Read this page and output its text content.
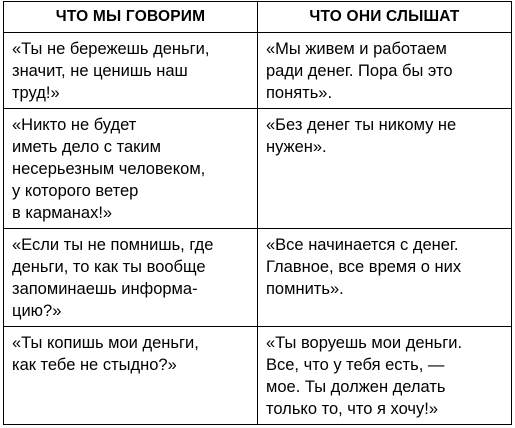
ЧТО МЫ ГОВОРИМ	ЧТО ОНИ СЛЫШАТ

«Ты не бережешь деньги,
значит, не ценишь наш
труд!»	«Мы живем и работаем
ради денег. Пора бы это
понять».

«Никто не будет
иметь дело с таким
несерьезным человеком,
у которого ветер
в карманах!»	«Без денег ты никому не
нужен».

«Если ты не помнишь, где
деньги, то как ты вообще
запоминаешь информа-
цию?»	«Все начинается с денег.
Главное, все время о них
помнить».

«Ты копишь мои деньги,
как тебе не стыдно?»	«Ты воруешь мои деньги.
Все, что у тебя есть, —
мое. Ты должен делать
только то, что я хочу!»
